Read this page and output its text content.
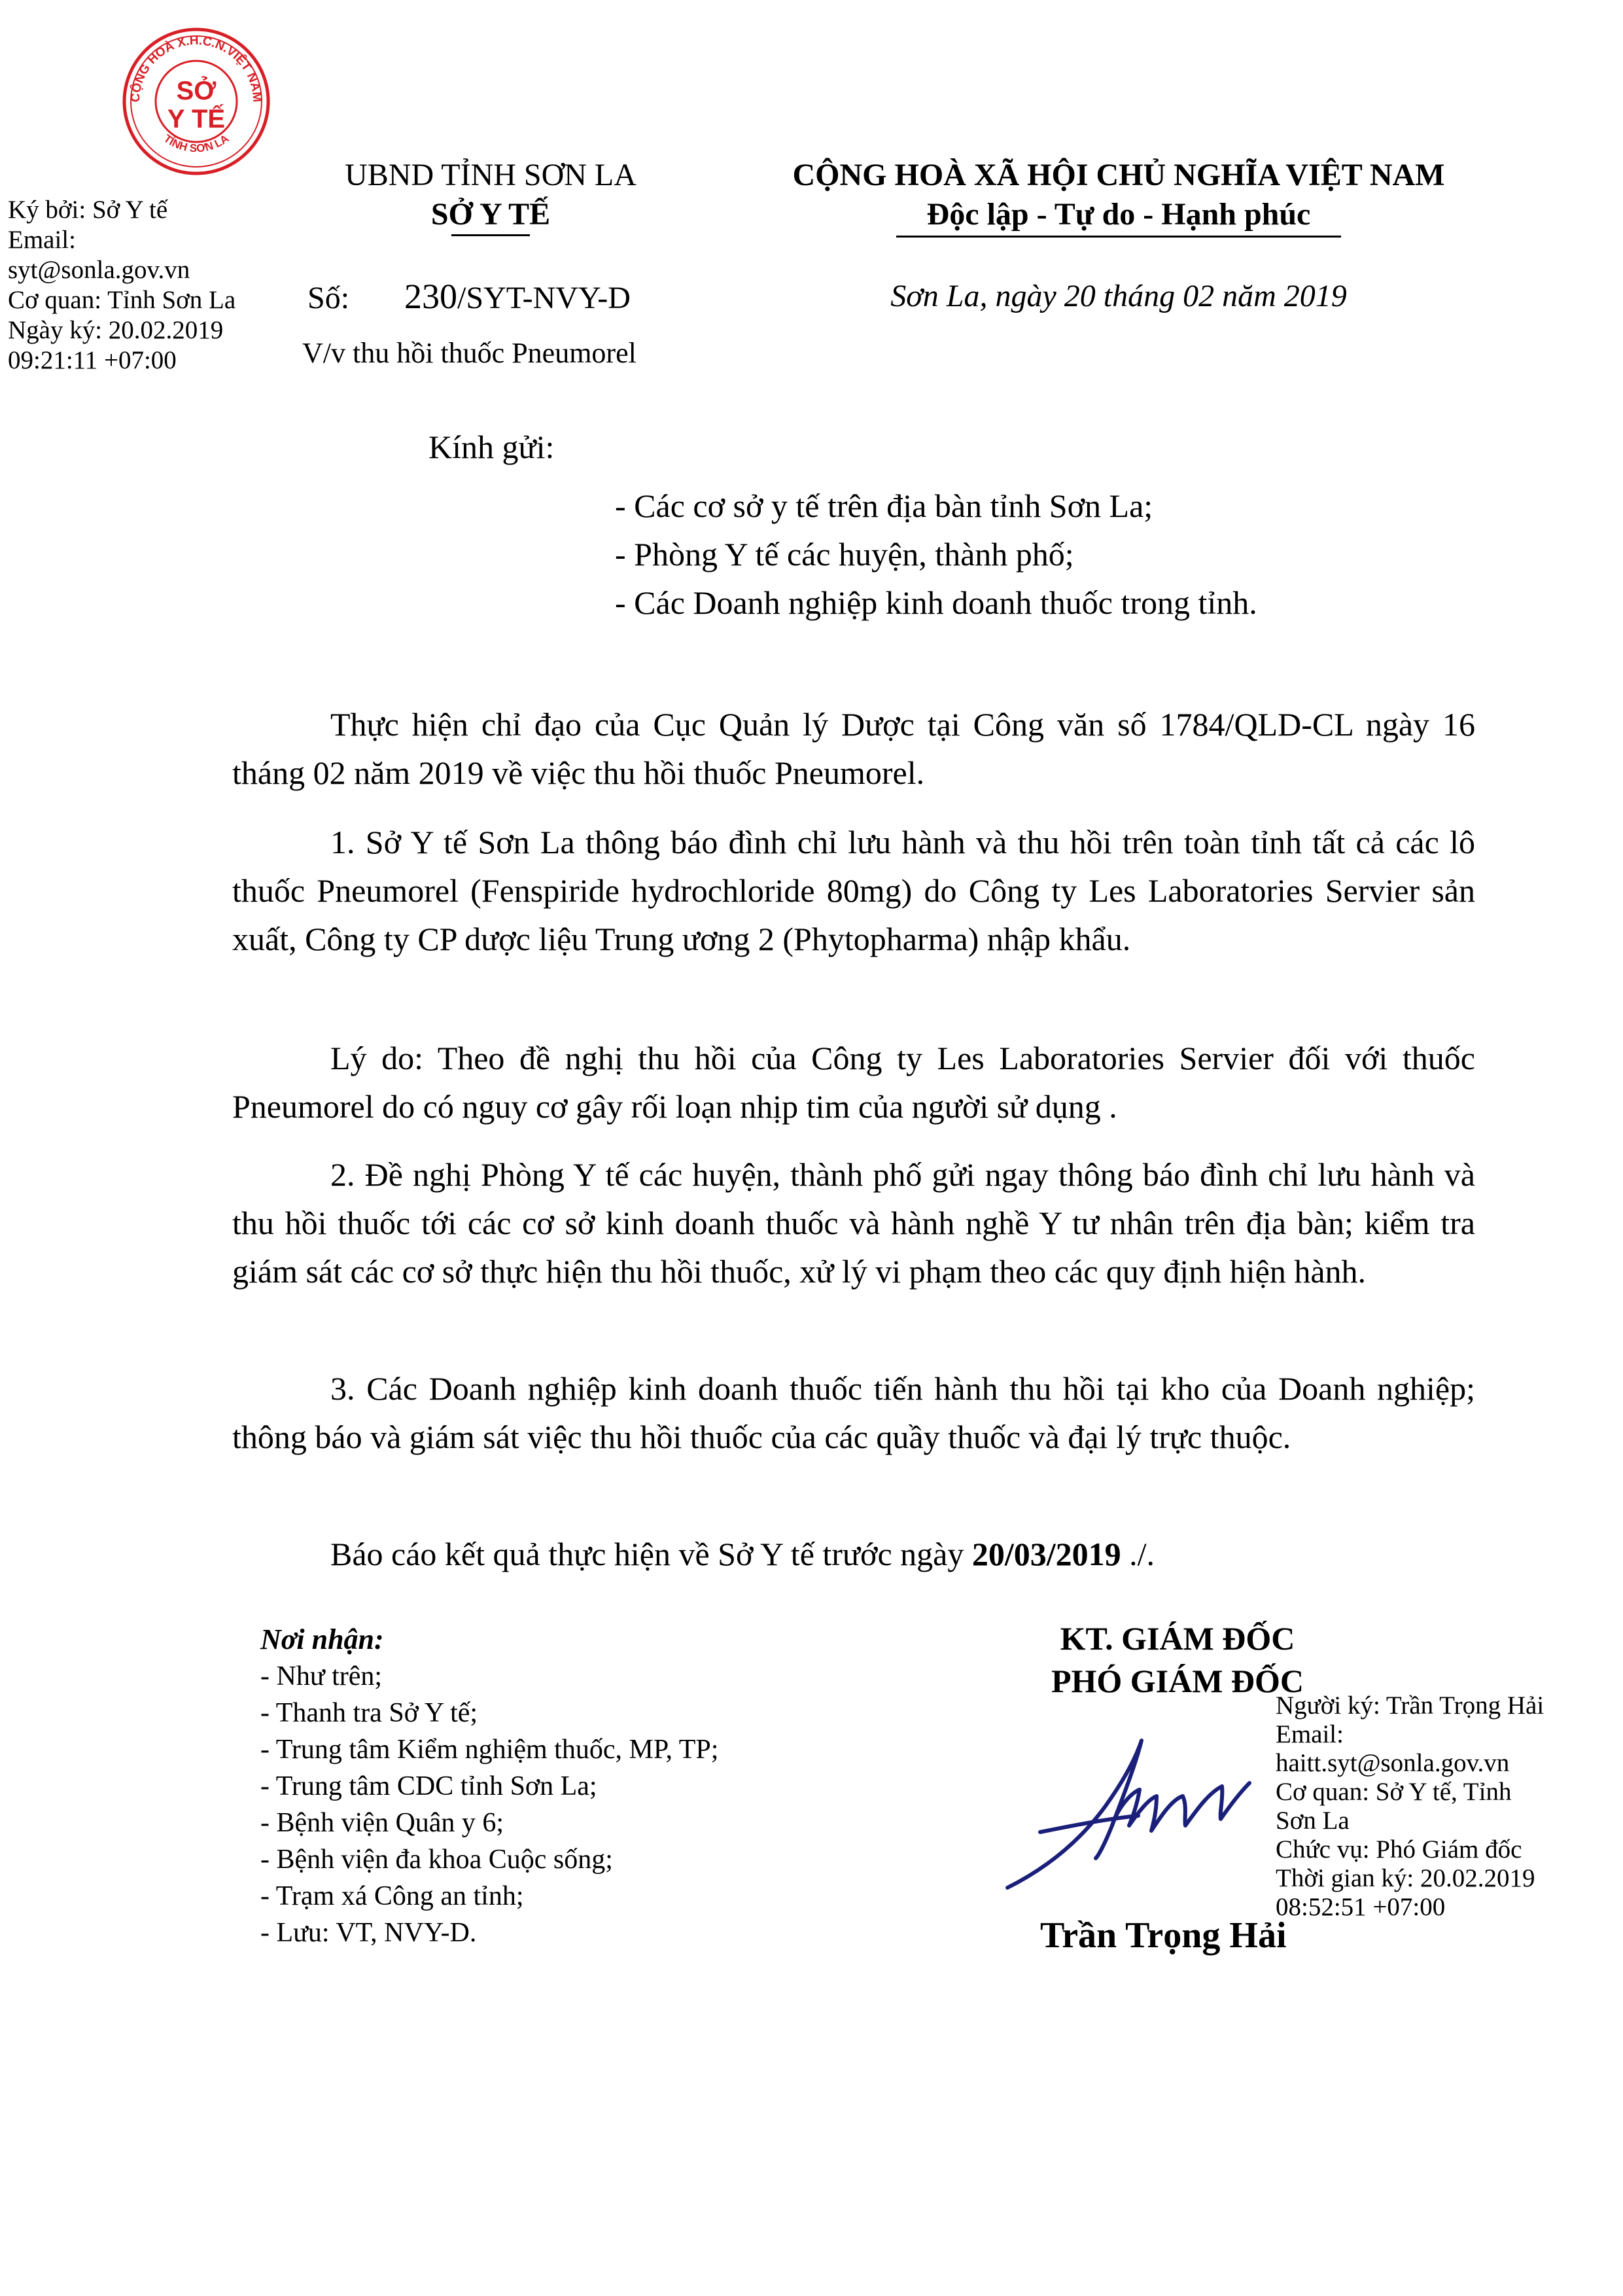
CỘNG HOÀ X.H.C.N.VIỆT NAM
TỈNH SƠN LA
SỞ
Y TẾ
Ký bởi: Sở Y tế
Email:
syt@sonla.gov.vn
Cơ quan: Tỉnh Sơn La
Ngày ký: 20.02.2019
09:21:11 +07:00
UBND TỈNH SƠN LA
SỞ Y TẾ
Số: 230/SYT-NVY-D
V/v thu hồi thuốc Pneumorel
CỘNG HOÀ XÃ HỘI CHỦ NGHĨA VIỆT NAM
Độc lập - Tự do - Hạnh phúc
Sơn La, ngày 20 tháng 02 năm 2019
Kính gửi:
- Các cơ sở y tế trên địa bàn tỉnh Sơn La;
- Phòng Y tế các huyện, thành phố;
- Các Doanh nghiệp kinh doanh thuốc trong tỉnh.
Thực hiện chỉ đạo của Cục Quản lý Dược tại Công văn số 1784/QLD-CL ngày 16 tháng 02 năm 2019 về việc thu hồi thuốc Pneumorel.
1. Sở Y tế Sơn La thông báo đình chỉ lưu hành và thu hồi trên toàn tỉnh tất cả các lô thuốc Pneumorel (Fenspiride hydrochloride 80mg) do Công ty Les Laboratories Servier sản xuất, Công ty CP dược liệu Trung ương 2 (Phytopharma) nhập khẩu.
Lý do: Theo đề nghị thu hồi của Công ty Les Laboratories Servier đối với thuốc Pneumorel do có nguy cơ gây rối loạn nhịp tim của người sử dụng .
2. Đề nghị Phòng Y tế các huyện, thành phố gửi ngay thông báo đình chỉ lưu hành và thu hồi thuốc tới các cơ sở kinh doanh thuốc và hành nghề Y tư nhân trên địa bàn; kiểm tra giám sát các cơ sở thực hiện thu hồi thuốc, xử lý vi phạm theo các quy định hiện hành.
3. Các Doanh nghiệp kinh doanh thuốc tiến hành thu hồi tại kho của Doanh nghiệp; thông báo và giám sát việc thu hồi thuốc của các quầy thuốc và đại lý trực thuộc.
Báo cáo kết quả thực hiện về Sở Y tế trước ngày 20/03/2019 ./.
Nơi nhận:
- Như trên;
- Thanh tra Sở Y tế;
- Trung tâm Kiểm nghiệm thuốc, MP, TP;
- Trung tâm CDC tỉnh Sơn La;
- Bệnh viện Quân y 6;
- Bệnh viện đa khoa Cuộc sống;
- Trạm xá Công an tỉnh;
- Lưu: VT, NVY-D.
KT. GIÁM ĐỐC
PHÓ GIÁM ĐỐC
Người ký: Trần Trọng Hải
Email:
haitt.syt@sonla.gov.vn
Cơ quan: Sở Y tế, Tỉnh
Sơn La
Chức vụ: Phó Giám đốc
Thời gian ký: 20.02.2019
08:52:51 +07:00
Trần Trọng Hải
